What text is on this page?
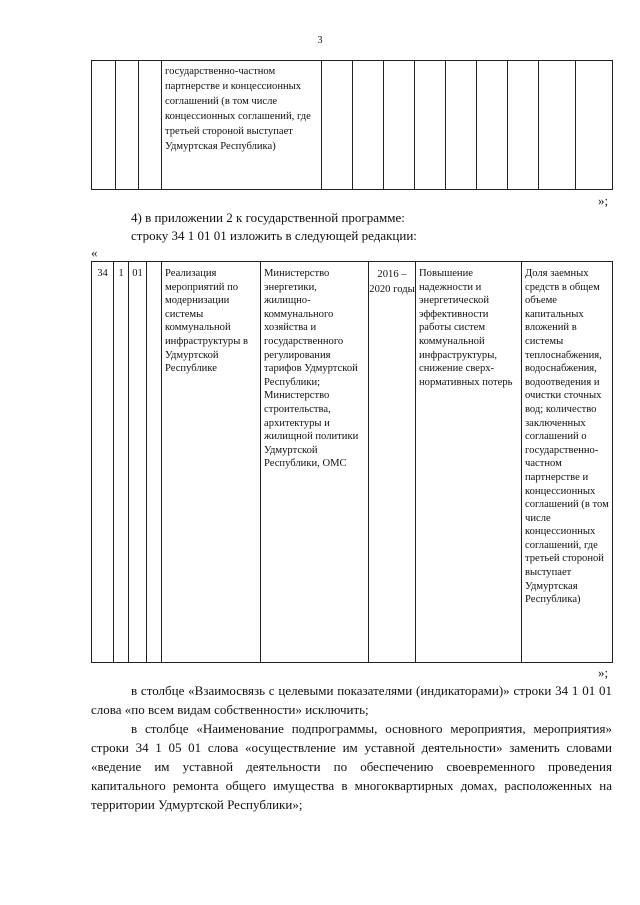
3
			государственно-частном партнерстве и концессионных соглашений (в том числе концессионных соглашений, где третьей стороной выступает Удмуртская Республика)									
»;
4) в приложении 2 к государственной программе:
строку 34 1 01 01 изложить в следующей редакции:
«
34	1	01		Реализация мероприятий по модернизации системы коммунальной инфраструктуры в Удмуртской Республике	Министерство энергетики, жилищно-коммунального хозяйства и государственного регулирования тарифов Удмуртской Республики; Министерство строительства, архитектуры и жилищной политики Удмуртской Республики, ОМС	2016 – 2020 годы	Повышение надежности и энергетической эффективности работы систем коммунальной инфраструктуры, снижение сверх-нормативных потерь	Доля заемных средств в общем объеме капитальных вложений в системы теплоснабжения, водоснабжения, водоотведения и очистки сточных вод; количество заключенных соглашений о государственно-частном партнерстве и концессионных соглашений (в том числе концессионных соглашений, где третьей стороной выступает Удмуртская Республика)
»;
в столбце «Взаимосвязь с целевыми показателями (индикаторами)» строки 34 1 01 01 слова «по всем видам собственности» исключить;
в столбце «Наименование подпрограммы, основного мероприятия, мероприятия» строки 34 1 05 01 слова «осуществление им уставной деятельности» заменить словами «ведение им уставной деятельности по обеспечению своевременного проведения капитального ремонта общего имущества в многоквартирных домах, расположенных на территории Удмуртской Республики»;
